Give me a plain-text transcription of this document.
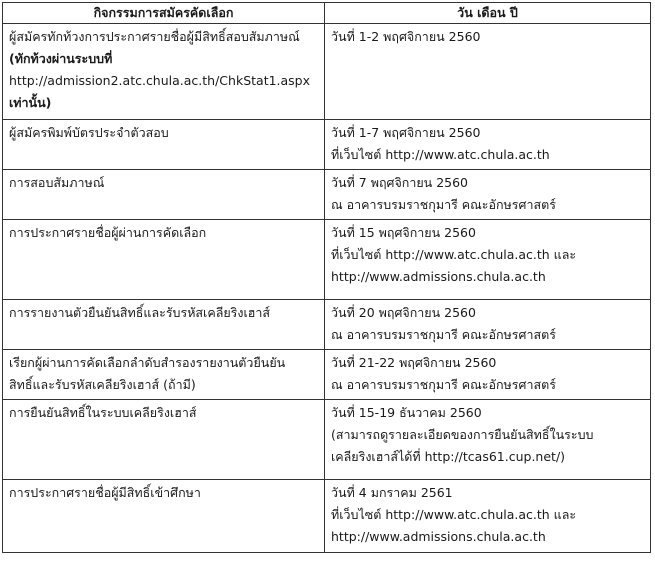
กิจกรรมการสมัครคัดเลือก	วัน เดือน ปี

ผู้สมัครทักท้วงการประกาศรายชื่อผู้มีสิทธิ์สอบสัมภาษณ์
(ทักท้วงผ่านระบบที่
http://admission2.atc.chula.ac.th/ChkStat1.aspx
เท่านั้น)	วันที่ 1-2 พฤศจิกายน 2560

ผู้สมัครพิมพ์บัตรประจำตัวสอบ	วันที่ 1-7 พฤศจิกายน 2560
ที่เว็บไซต์ http://www.atc.chula.ac.th

การสอบสัมภาษณ์	วันที่ 7 พฤศจิกายน 2560
ณ อาคารบรมราชกุมารี คณะอักษรศาสตร์

การประกาศรายชื่อผู้ผ่านการคัดเลือก	วันที่ 15 พฤศจิกายน 2560
ที่เว็บไซต์ http://www.atc.chula.ac.th และ
http://www.admissions.chula.ac.th

การรายงานตัวยืนยันสิทธิ์และรับรหัสเคลียริงเฮาส์	วันที่ 20 พฤศจิกายน 2560
ณ อาคารบรมราชกุมารี คณะอักษรศาสตร์

เรียกผู้ผ่านการคัดเลือกลำดับสำรองรายงานตัวยืนยัน
สิทธิ์และรับรหัสเคลียริงเฮาส์ (ถ้ามี)	วันที่ 21-22 พฤศจิกายน 2560
ณ อาคารบรมราชกุมารี คณะอักษรศาสตร์

การยืนยันสิทธิ์ในระบบเคลียริงเฮาส์	วันที่ 15-19 ธันวาคม 2560
(สามารถดูรายละเอียดของการยืนยันสิทธิ์ในระบบ
เคลียริงเฮาส์ได้ที่ http://tcas61.cup.net/)

การประกาศรายชื่อผู้มีสิทธิ์เข้าศึกษา	วันที่ 4 มกราคม 2561
ที่เว็บไซต์ http://www.atc.chula.ac.th และ
http://www.admissions.chula.ac.th
